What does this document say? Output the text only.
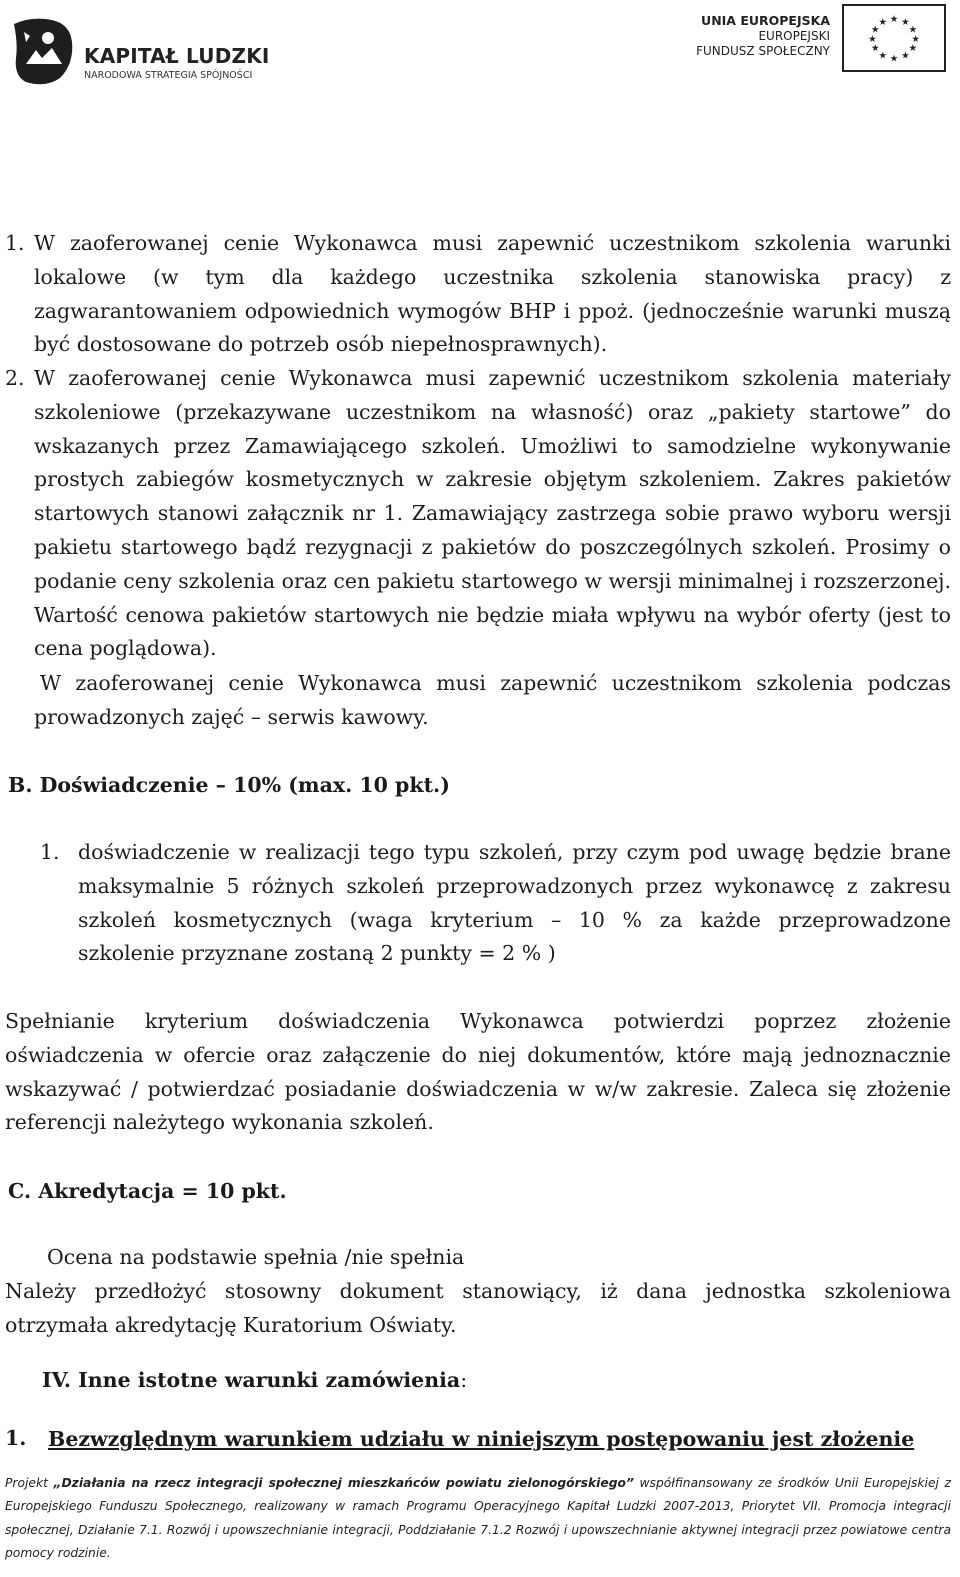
KAPITAŁ LUDZKI
NARODOWA STRATEGIA SPÓJNOŚCI
UNIA EUROPEJSKA
EUROPEJSKI
FUNDUSZ SPOŁECZNY
★ ★
★
★
★
★
★
★
★
★
★
★
1. W zaoferowanej cenie Wykonawca musi zapewnić uczestnikom szkolenia warunki lokalowe (w tym dla każdego uczestnika szkolenia stanowiska pracy) z zagwarantowaniem odpowiednich wymogów BHP i ppoż. (jednocześnie warunki muszą być dostosowane do potrzeb osób niepełnosprawnych).
2. W zaoferowanej cenie Wykonawca musi zapewnić uczestnikom szkolenia materiały szkoleniowe (przekazywane uczestnikom na własność) oraz „pakiety startowe” do wskazanych przez Zamawiającego szkoleń. Umożliwi to samodzielne wykonywanie prostych zabiegów kosmetycznych w zakresie objętym szkoleniem. Zakres pakietów startowych stanowi załącznik nr 1. Zamawiający zastrzega sobie prawo wyboru wersji pakietu startowego bądź rezygnacji z pakietów do poszczególnych szkoleń. Prosimy o podanie ceny szkolenia oraz cen pakietu startowego w wersji minimalnej i rozszerzonej. Wartość cenowa pakietów startowych nie będzie miała wpływu na wybór oferty (jest to cena poglądowa).
W zaoferowanej cenie Wykonawca musi zapewnić uczestnikom szkolenia podczas prowadzonych zajęć – serwis kawowy.
B. Doświadczenie – 10% (max. 10 pkt.)
1. doświadczenie w realizacji tego typu szkoleń, przy czym pod uwagę będzie brane maksymalnie 5 różnych szkoleń przeprowadzonych przez wykonawcę z zakresu szkoleń kosmetycznych (waga kryterium – 10 % za każde przeprowadzone szkolenie przyznane zostaną 2 punkty = 2 % )
Spełnianie kryterium doświadczenia Wykonawca potwierdzi poprzez złożenie oświadczenia w ofercie oraz załączenie do niej dokumentów, które mają jednoznacznie wskazywać / potwierdzać posiadanie doświadczenia w w/w zakresie. Zaleca się złożenie referencji należytego wykonania szkoleń.
C. Akredytacja = 10 pkt.
Ocena na podstawie spełnia /nie spełnia
Należy przedłożyć stosowny dokument stanowiący, iż dana jednostka szkoleniowa otrzymała akredytację Kuratorium Oświaty.
IV. Inne istotne warunki zamówienia:
1. Bezwzględnym warunkiem udziału w niniejszym postępowaniu jest złożenie
Projekt „Działania na rzecz integracji społecznej mieszkańców powiatu zielonogórskiego” współfinansowany ze środków Unii Europejskiej z Europejskiego Funduszu Społecznego, realizowany w ramach Programu Operacyjnego Kapitał Ludzki 2007-2013, Priorytet VII. Promocja integracji społecznej, Działanie 7.1. Rozwój i upowszechnianie integracji, Poddziałanie 7.1.2 Rozwój i upowszechnianie aktywnej integracji przez powiatowe centra pomocy rodzinie.
